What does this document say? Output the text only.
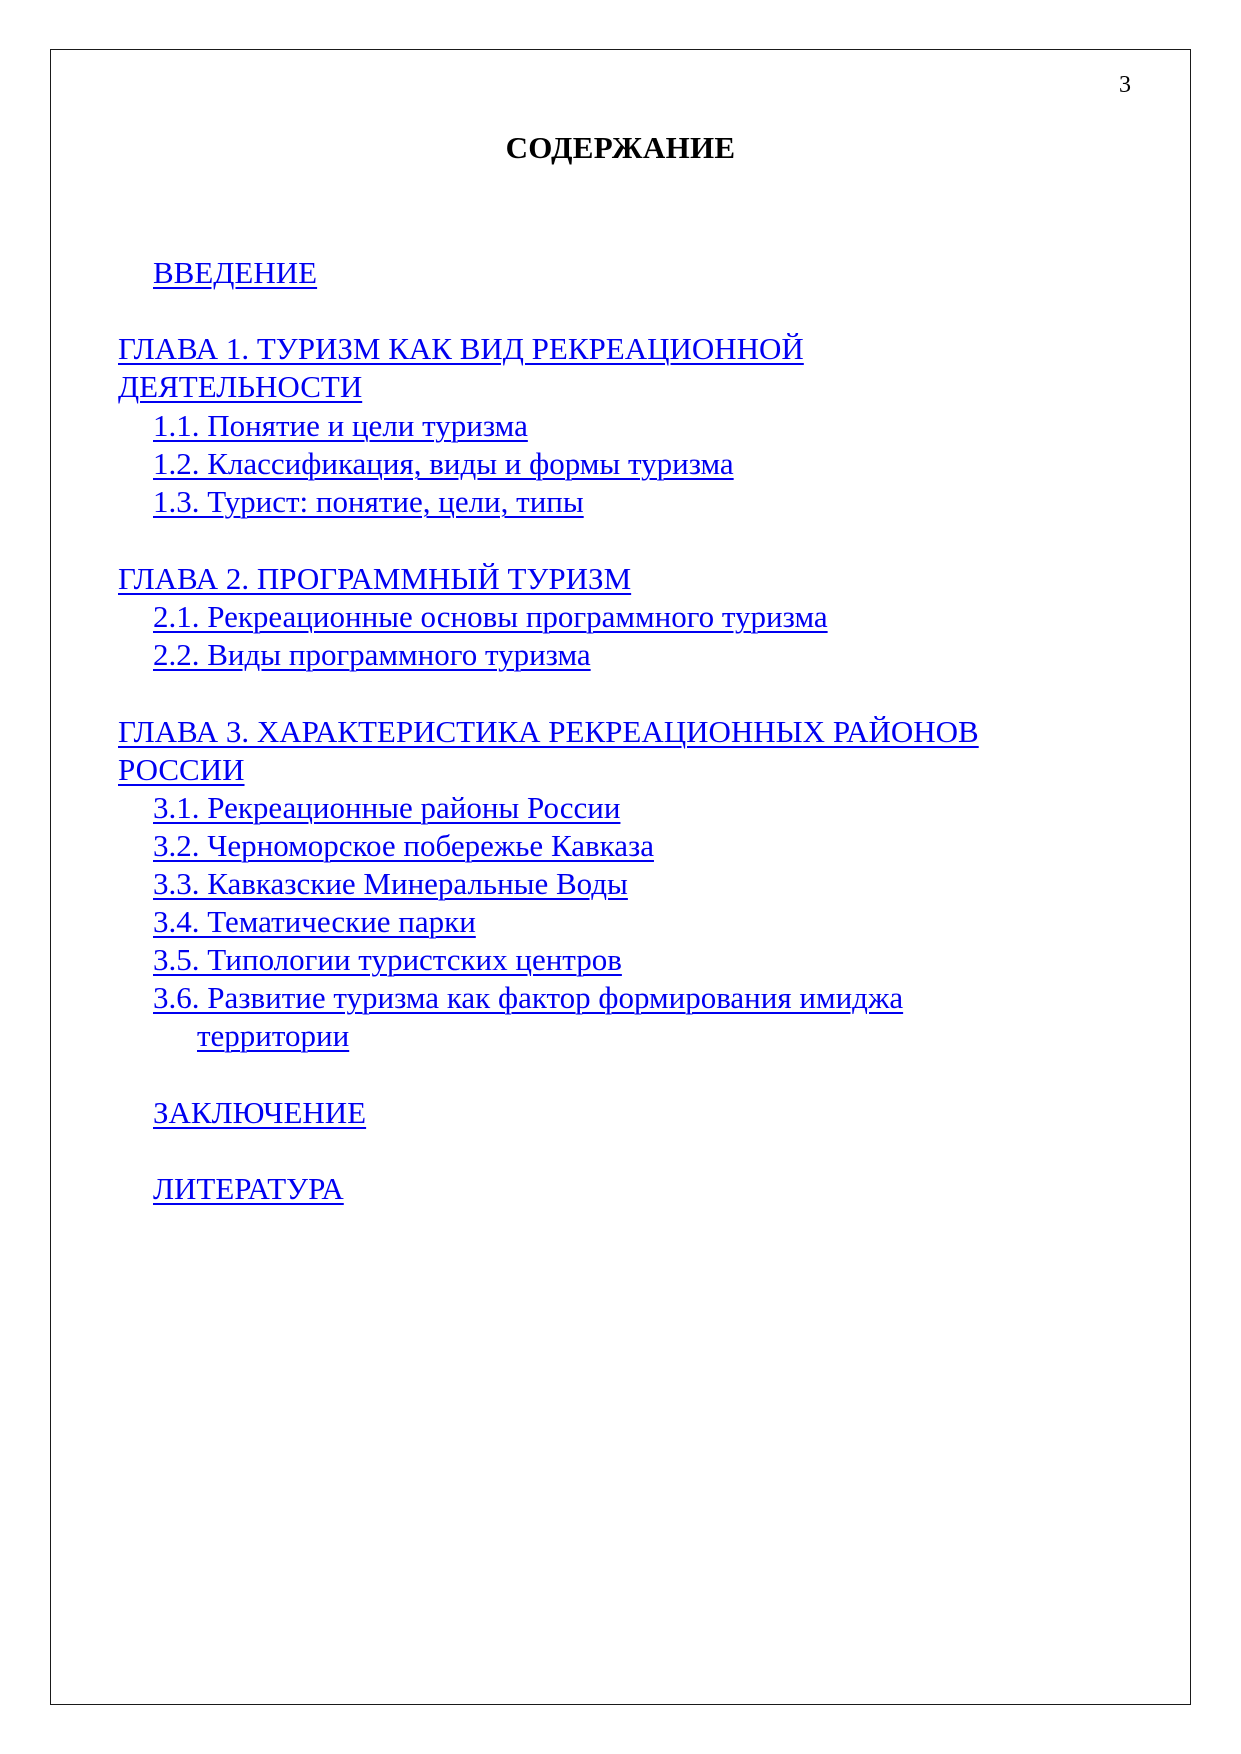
3
СОДЕРЖАНИЕ
ВВЕДЕНИЕ
ГЛАВА 1. ТУРИЗМ КАК ВИД РЕКРЕАЦИОННОЙ
ДЕЯТЕЛЬНОСТИ
1.1. Понятие и цели туризма
1.2. Классификация, виды и формы туризма
1.3. Турист: понятие, цели, типы
ГЛАВА 2. ПРОГРАММНЫЙ ТУРИЗМ
2.1. Рекреационные основы программного туризма
2.2. Виды программного туризма
ГЛАВА 3. ХАРАКТЕРИСТИКА РЕКРЕАЦИОННЫХ РАЙОНОВ
РОССИИ
3.1. Рекреационные районы России
3.2. Черноморское побережье Кавказа
3.3. Кавказские Минеральные Воды
3.4. Тематические парки
3.5. Типологии туристских центров
3.6. Развитие туризма как фактор формирования имиджа
территории
ЗАКЛЮЧЕНИЕ
ЛИТЕРАТУРА
